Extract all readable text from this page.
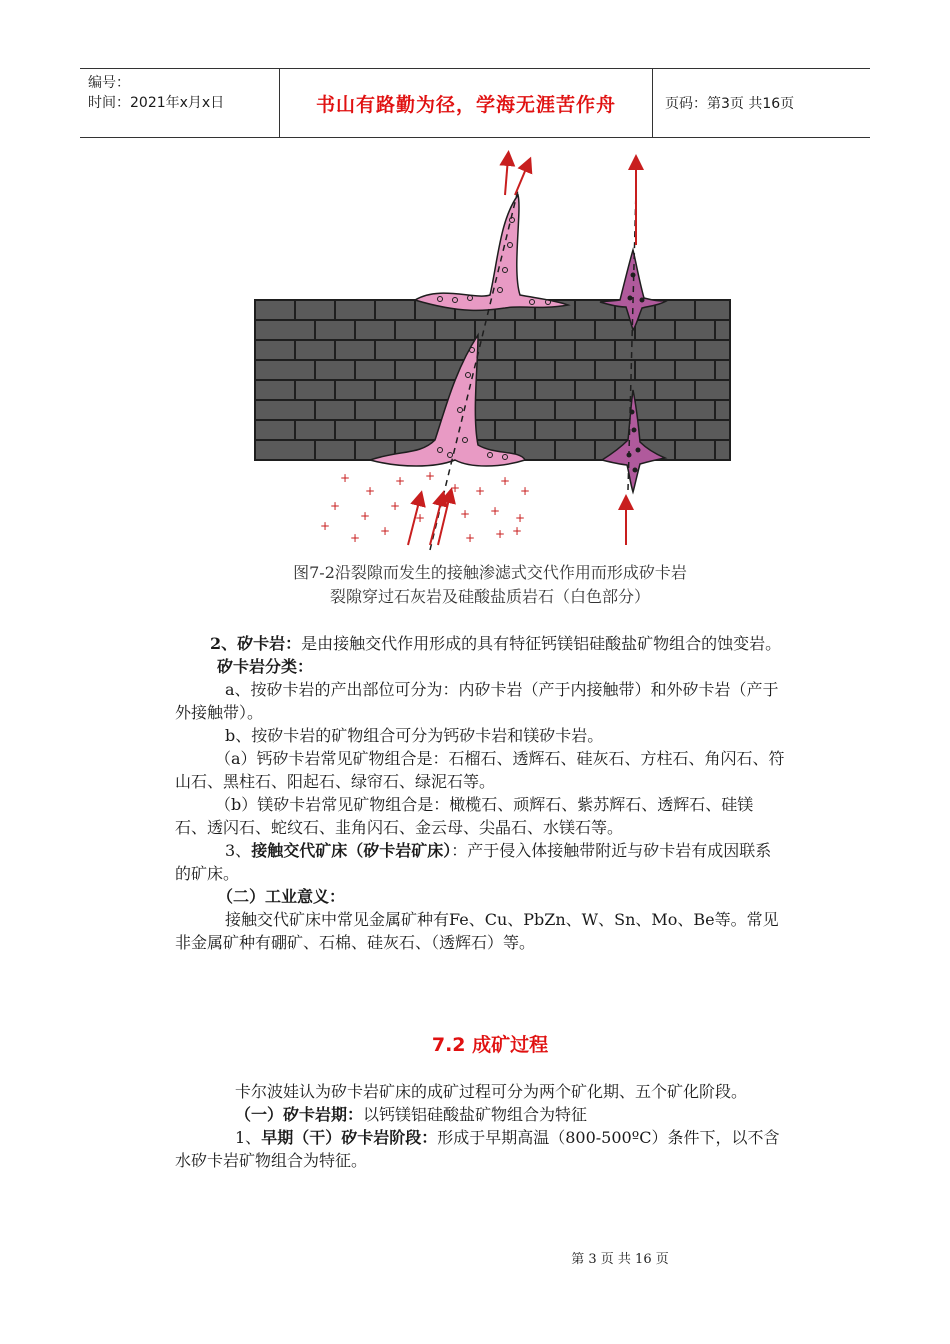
编号：
时间：2021年x月x日	书山有路勤为径，学海无涯苦作舟	页码：第3页 共16页
+
+
+ +
+ +
+
+
+
+
+
+	+ + +
+
+ +	+ + +
图7-2沿裂隙而发生的接触渗滤式交代作用而形成矽卡岩
裂隙穿过石灰岩及硅酸盐质岩石（白色部分）

2、矽卡岩：是由接触交代作用形成的具有特征钙镁铝硅酸盐矿物组合的蚀变岩。

矽卡岩分类：

a、按矽卡岩的产出部位可分为：内矽卡岩（产于内接触带）和外矽卡岩（产于外接触带）。

b、按矽卡岩的矿物组合可分为钙矽卡岩和镁矽卡岩。

（a）钙矽卡岩常见矿物组合是：石榴石、透辉石、硅灰石、方柱石、角闪石、符山石、黑柱石、阳起石、绿帘石、绿泥石等。

（b）镁矽卡岩常见矿物组合是：橄榄石、顽辉石、紫苏辉石、透辉石、硅镁石、透闪石、蛇纹石、韭角闪石、金云母、尖晶石、水镁石等。

3、接触交代矿床（矽卡岩矿床）：产于侵入体接触带附近与矽卡岩有成因联系的矿床。

（二）工业意义：

接触交代矿床中常见金属矿种有Fe、Cu、PbZn、W、Sn、Mo、Be等。常见非金属矿种有硼矿、石棉、硅灰石、（透辉石）等。

7.2 成矿过程

卡尔波娃认为矽卡岩矿床的成矿过程可分为两个矿化期、五个矿化阶段。

（一）矽卡岩期：以钙镁铝硅酸盐矿物组合为特征

1、早期（干）矽卡岩阶段：形成于早期高温（800-500ºC）条件下，以不含水矽卡岩矿物组合为特征。

第 3 页 共 16 页
